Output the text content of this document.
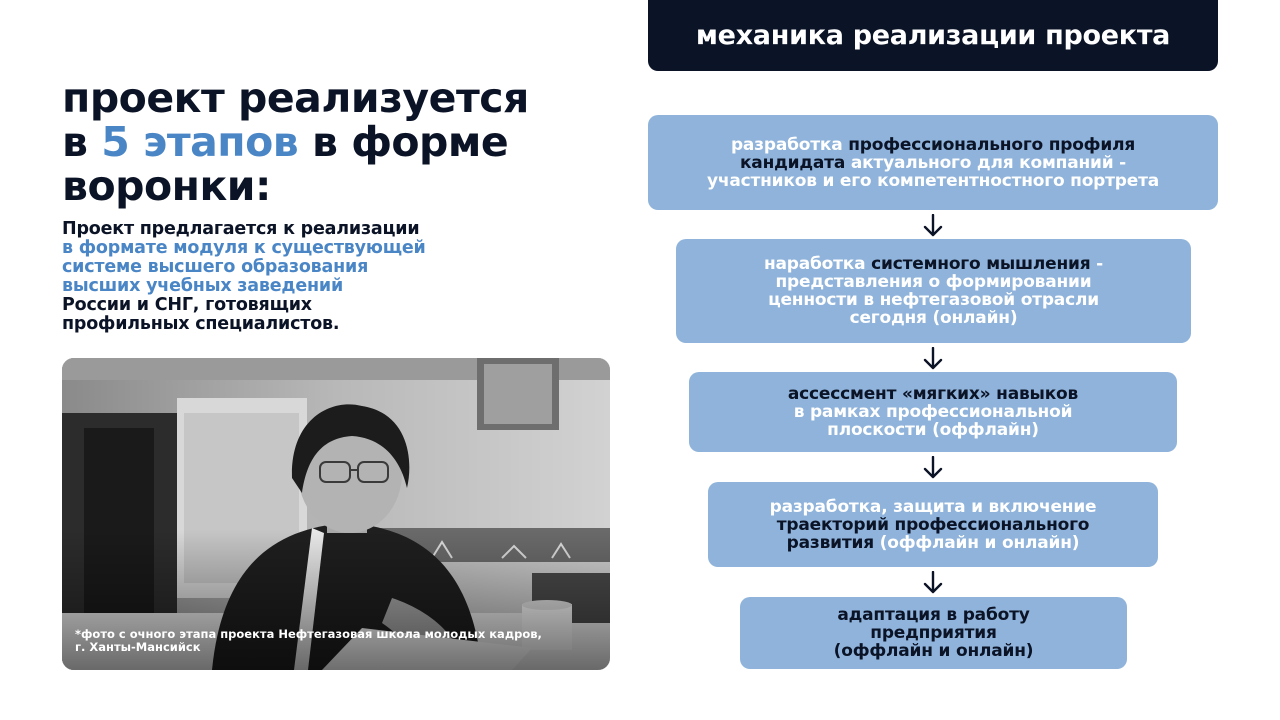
проект реализуется
в 5 этапов в форме
воронки:
Проект предлагается к реализации
в формате модуля к существующей
системе высшего образования
высших учебных заведений
России и СНГ, готовящих
профильных специалистов.
*фото с очного этапа проекта Нефтегазовая школа молодых кадров,
г. Ханты-Мансийск
механика реализации проекта
разработка профессионального профиля
кандидата актуального для компаний -
участников и его компетентностного портрета
наработка системного мышления -
представления о формировании
ценности в нефтегазовой отрасли
сегодня (онлайн)
ассессмент «мягких» навыков
в рамках профессиональной
плоскости (оффлайн)
разработка, защита и включение
траекторий профессионального
развития (оффлайн и онлайн)
адаптация в работу
предприятия
(оффлайн и онлайн)
